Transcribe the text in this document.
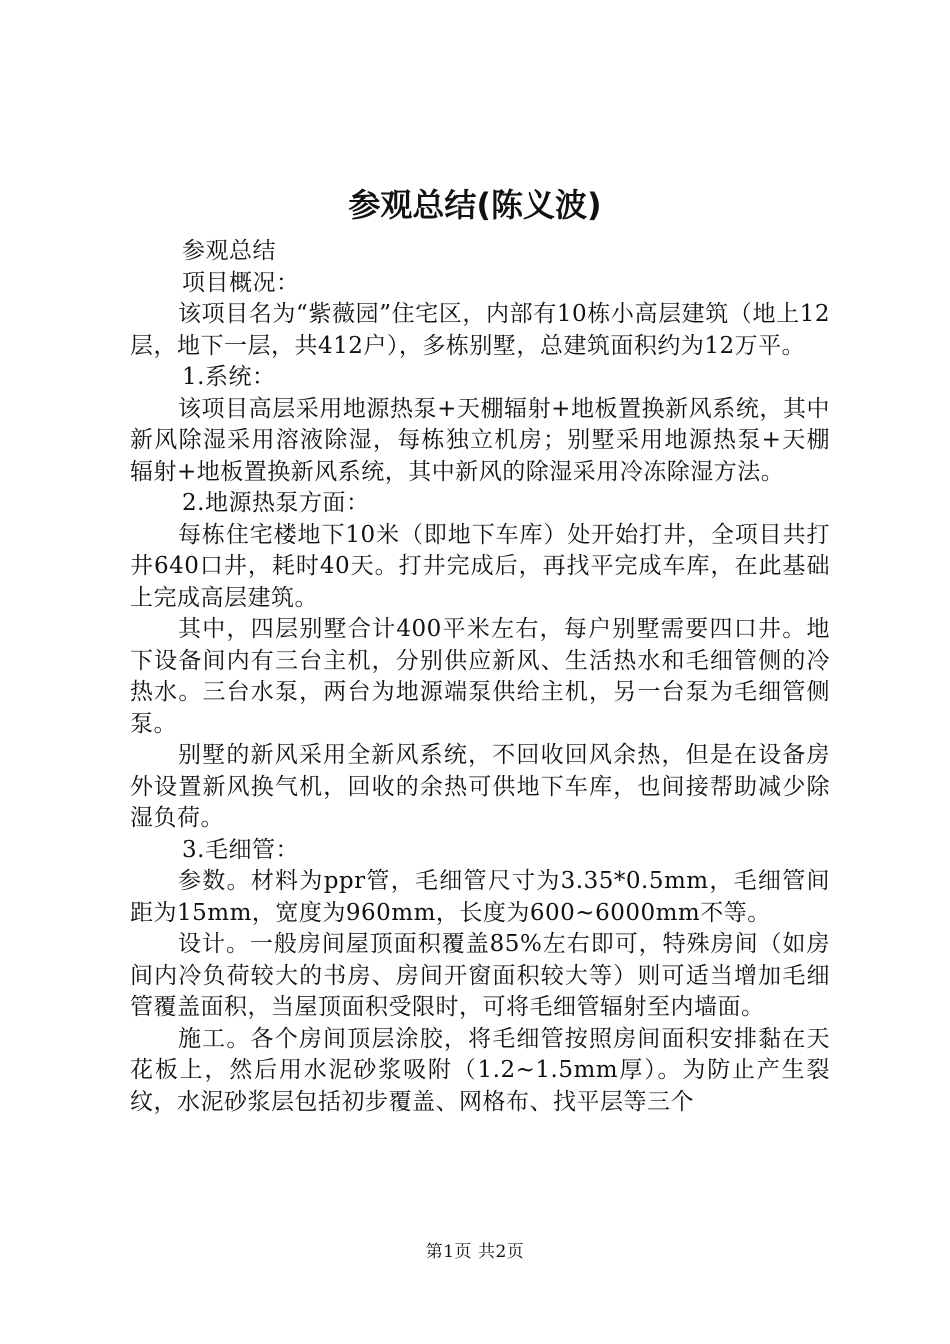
参观总结(陈义波)

参观总结

项目概况：

该项目名为“紫薇园”住宅区，内部有10栋小高层建筑（地上12层，地下一层，共412户），多栋别墅，总建筑面积约为12万平。

1.系统：

该项目高层采用地源热泵+天棚辐射+地板置换新风系统，其中新风除湿采用溶液除湿，每栋独立机房；别墅采用地源热泵+天棚辐射+地板置换新风系统，其中新风的除湿采用冷冻除湿方法。

2.地源热泵方面：

每栋住宅楼地下10米（即地下车库）处开始打井，全项目共打井640口井，耗时40天。打井完成后，再找平完成车库，在此基础上完成高层建筑。

其中，四层别墅合计400平米左右，每户别墅需要四口井。地下设备间内有三台主机，分别供应新风、生活热水和毛细管侧的冷热水。三台水泵，两台为地源端泵供给主机，另一台泵为毛细管侧泵。

别墅的新风采用全新风系统，不回收回风余热，但是在设备房外设置新风换气机，回收的余热可供地下车库，也间接帮助减少除湿负荷。

3.毛细管：

参数。材料为ppr管，毛细管尺寸为3.35*0.5mm，毛细管间距为15mm，宽度为960mm，长度为600~6000mm不等。

设计。一般房间屋顶面积覆盖85%左右即可，特殊房间（如房间内冷负荷较大的书房、房间开窗面积较大等）则可适当增加毛细管覆盖面积，当屋顶面积受限时，可将毛细管辐射至内墙面。

施工。各个房间顶层涂胶，将毛细管按照房间面积安排黏在天花板上，然后用水泥砂浆吸附（1.2~1.5mm厚）。为防止产生裂纹，水泥砂浆层包括初步覆盖、网格布、找平层等三个

第1页 共2页
